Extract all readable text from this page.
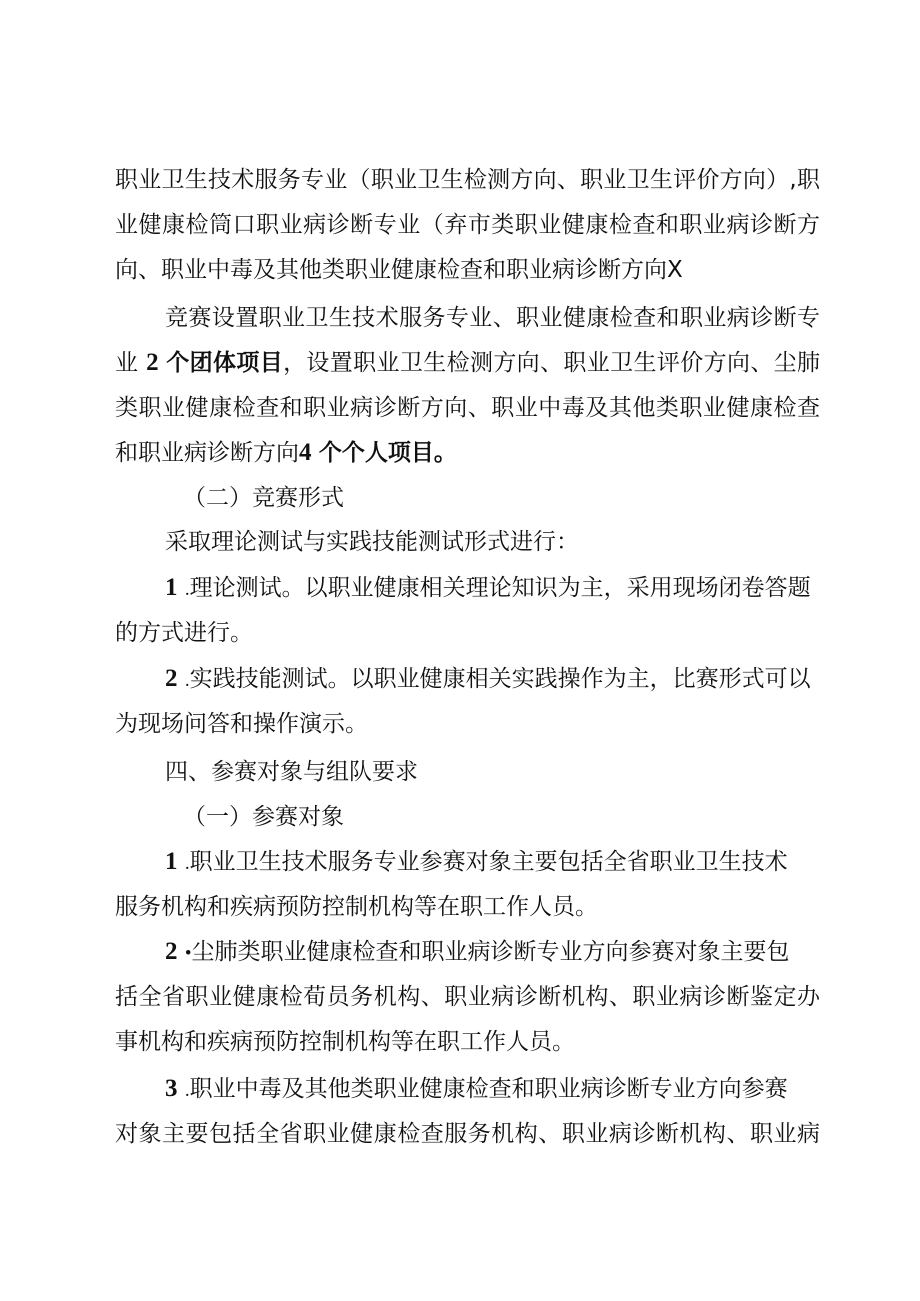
职业卫生技术服务专业（职业卫生检测方向、职业卫生评价方向）,职

业健康检筒口职业病诊断专业（弃市类职业健康检查和职业病诊断方

向、职业中毒及其他类职业健康检查和职业病诊断方向X

竞赛设置职业卫生技术服务专业、职业健康检查和职业病诊断专

业 2 个团体项目，设置职业卫生检测方向、职业卫生评价方向、尘肺

类职业健康检查和职业病诊断方向、职业中毒及其他类职业健康检查

和职业病诊断方向4 个个人项目。

（二）竞赛形式

采取理论测试与实践技能测试形式进行：

1 .理论测试。以职业健康相关理论知识为主，采用现场闭卷答题

的方式进行。

2 .实践技能测试。以职业健康相关实践操作为主，比赛形式可以

为现场问答和操作演示。

四、参赛对象与组队要求

（一）参赛对象

1 .职业卫生技术服务专业参赛对象主要包括全省职业卫生技术

服务机构和疾病预防控制机构等在职工作人员。

2 •尘肺类职业健康检查和职业病诊断专业方向参赛对象主要包

括全省职业健康检荀员务机构、职业病诊断机构、职业病诊断鉴定办

事机构和疾病预防控制机构等在职工作人员。

3 .职业中毒及其他类职业健康检查和职业病诊断专业方向参赛

对象主要包括全省职业健康检查服务机构、职业病诊断机构、职业病
